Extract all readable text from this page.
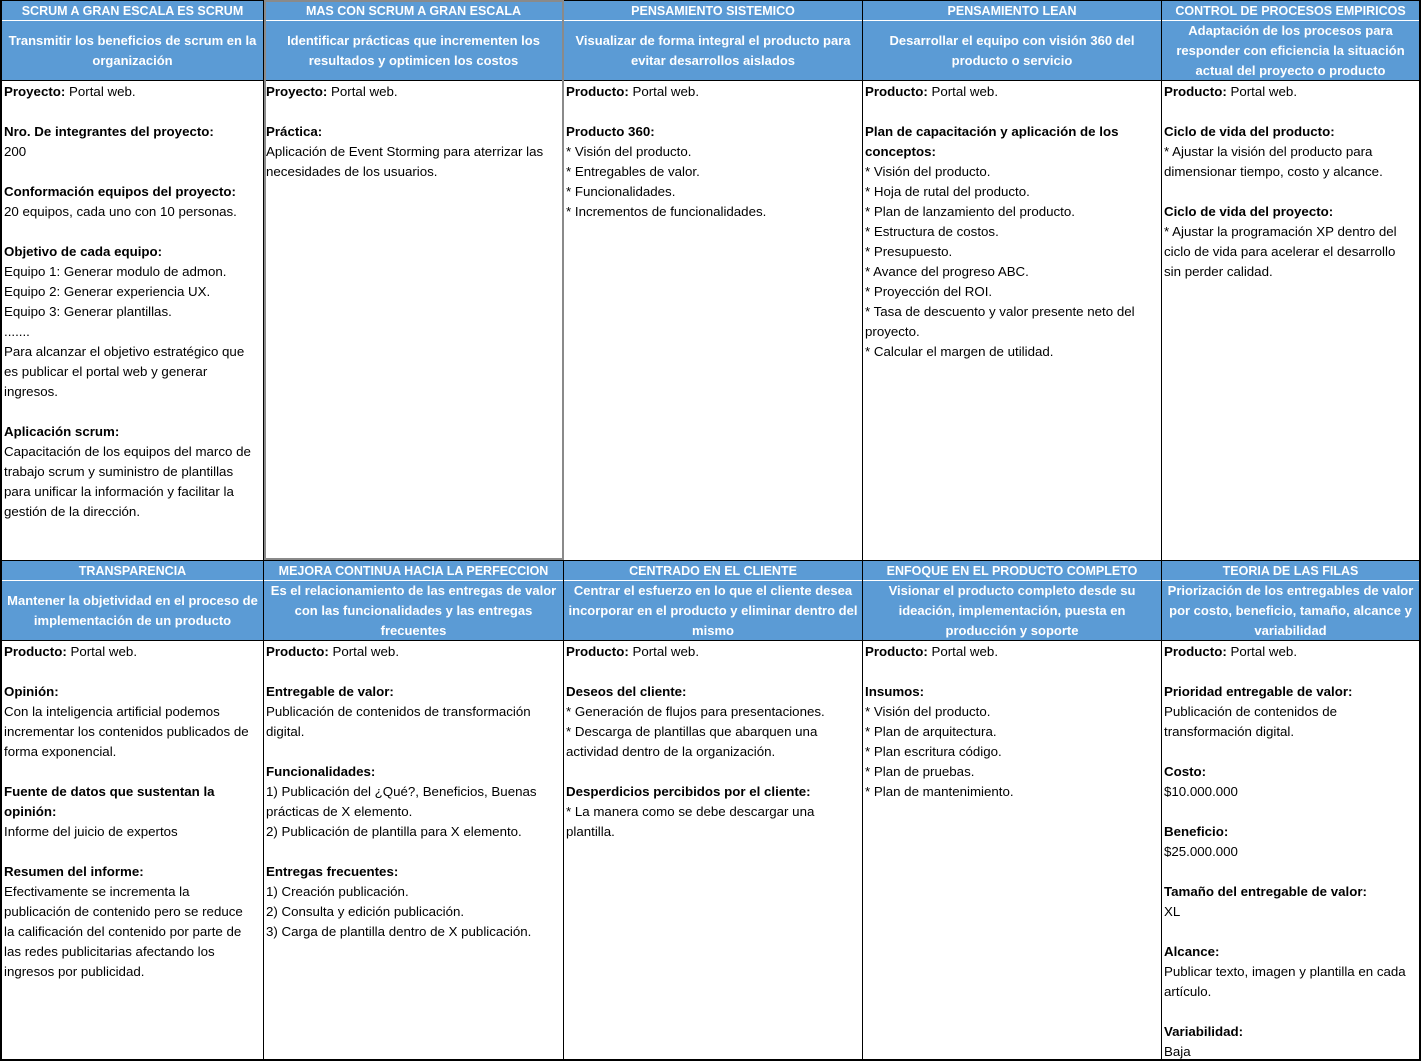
SCRUM A GRAN ESCALA ES SCRUM
Transmitir los beneficios de scrum en la organización

Proyecto: Portal web.

Nro. De integrantes del proyecto:

200

Conformación equipos del proyecto:

20 equipos, cada uno con 10 personas.

Objetivo de cada equipo:

Equipo 1: Generar modulo de admon.

Equipo 2: Generar experiencia UX.

Equipo 3: Generar plantillas.

.......

Para alcanzar el objetivo estratégico que

es publicar el portal web y generar

ingresos.

Aplicación scrum:

Capacitación de los equipos del marco de

trabajo scrum y suministro de plantillas

para unificar la información y facilitar la

gestión de la dirección.

MAS CON SCRUM A GRAN ESCALA
Identificar prácticas que incrementen los resultados y optimicen los costos

Proyecto: Portal web.

Práctica:

Aplicación de Event Storming para aterrizar las

necesidades de los usuarios.

PENSAMIENTO SISTEMICO
Visualizar de forma integral el producto para evitar desarrollos aislados

Producto: Portal web.

Producto 360:

* Visión del producto.

* Entregables de valor.

* Funcionalidades.

* Incrementos de funcionalidades.

PENSAMIENTO LEAN
Desarrollar el equipo con visión 360 del producto o servicio

Producto: Portal web.

Plan de capacitación y aplicación de los

conceptos:

* Visión del producto.

* Hoja de rutal del producto.

* Plan de lanzamiento del producto.

* Estructura de costos.

* Presupuesto.

* Avance del progreso ABC.

* Proyección del ROI.

* Tasa de descuento y valor presente neto del

proyecto.

* Calcular el margen de utilidad.

CONTROL DE PROCESOS EMPIRICOS
Adaptación de los procesos para responder con eficiencia la situación actual del proyecto o producto

Producto: Portal web.

Ciclo de vida del producto:

* Ajustar la visión del producto para

dimensionar tiempo, costo y alcance.

Ciclo de vida del proyecto:

* Ajustar la programación XP dentro del

ciclo de vida para acelerar el desarrollo

sin perder calidad.

TRANSPARENCIA
Mantener la objetividad en el proceso de implementación de un producto

Producto: Portal web.

Opinión:

Con la inteligencia artificial podemos

incrementar los contenidos publicados de

forma exponencial.

Fuente de datos que sustentan la

opinión:

Informe del juicio de expertos

Resumen del informe:

Efectivamente se incrementa la

publicación de contenido pero se reduce

la calificación del contenido por parte de

las redes publicitarias afectando los

ingresos por publicidad.

MEJORA CONTINUA HACIA LA PERFECCION
Es el relacionamiento de las entregas de valor con las funcionalidades y las entregas frecuentes

Producto: Portal web.

Entregable de valor:

Publicación de contenidos de transformación

digital.

Funcionalidades:

1) Publicación del ¿Qué?, Beneficios, Buenas

prácticas de X elemento.

2) Publicación de plantilla para X elemento.

Entregas frecuentes:

1) Creación publicación.

2) Consulta y edición publicación.

3) Carga de plantilla dentro de X publicación.

CENTRADO EN EL CLIENTE
Centrar el esfuerzo en lo que el cliente desea incorporar en el producto y eliminar dentro del mismo

Producto: Portal web.

Deseos del cliente:

* Generación de flujos para presentaciones.

* Descarga de plantillas que abarquen una

actividad dentro de la organización.

Desperdicios percibidos por el cliente:

* La manera como se debe descargar una

plantilla.

ENFOQUE EN EL PRODUCTO COMPLETO
Visionar el producto completo desde su ideación, implementación, puesta en producción y soporte

Producto: Portal web.

Insumos:

* Visión del producto.

* Plan de arquitectura.

* Plan escritura código.

* Plan de pruebas.

* Plan de mantenimiento.

TEORIA DE LAS FILAS
Priorización de los entregables de valor por costo, beneficio, tamaño, alcance y variabilidad

Producto: Portal web.

Prioridad entregable de valor:

Publicación de contenidos de

transformación digital.

Costo:

$10.000.000

Beneficio:

$25.000.000

Tamaño del entregable de valor:

XL

Alcance:

Publicar texto, imagen y plantilla en cada

artículo.

Variabilidad:

Baja
